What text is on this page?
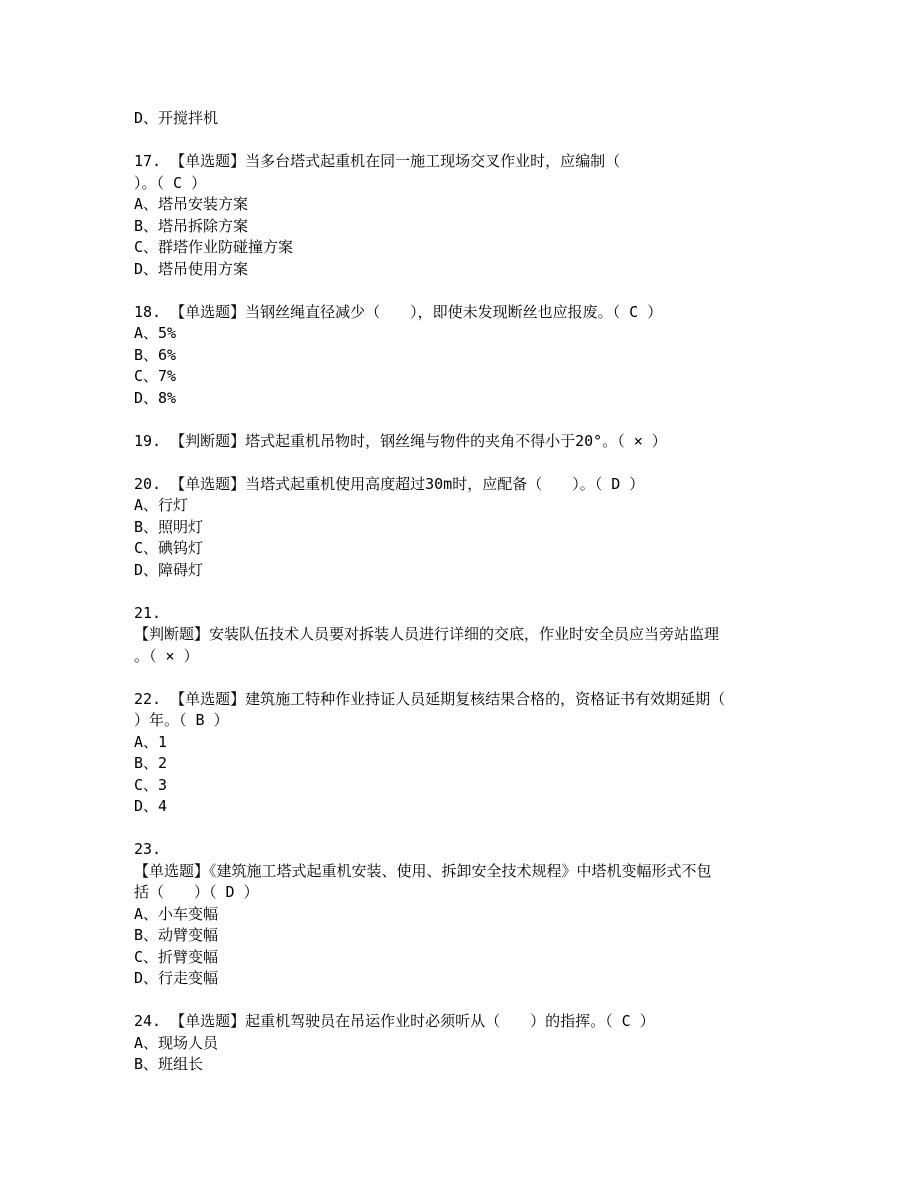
D、开搅拌机
17. 【单选题】当多台塔式起重机在同一施工现场交叉作业时，应编制（
）。（ C ）
A、塔吊安装方案
B、塔吊拆除方案
C、群塔作业防碰撞方案
D、塔吊使用方案
18. 【单选题】当钢丝绳直径减少（　　），即使未发现断丝也应报废。（ C ）
A、5%
B、6%
C、7%
D、8%
19. 【判断题】塔式起重机吊物时，钢丝绳与物件的夹角不得小于20°。（ × ）
20. 【单选题】当塔式起重机使用高度超过30m时，应配备（　　）。（ D ）
A、行灯
B、照明灯
C、碘钨灯
D、障碍灯
21.
【判断题】安装队伍技术人员要对拆装人员进行详细的交底，作业时安全员应当旁站监理
。（ × ）
22. 【单选题】建筑施工特种作业持证人员延期复核结果合格的，资格证书有效期延期（
）年。（ B ）
A、1
B、2
C、3
D、4
23.
【单选题】《建筑施工塔式起重机安装、使用、拆卸安全技术规程》中塔机变幅形式不包
括（　　）（ D ）
A、小车变幅
B、动臂变幅
C、折臂变幅
D、行走变幅
24. 【单选题】起重机驾驶员在吊运作业时必须听从（　　）的指挥。（ C ）
A、现场人员
B、班组长
